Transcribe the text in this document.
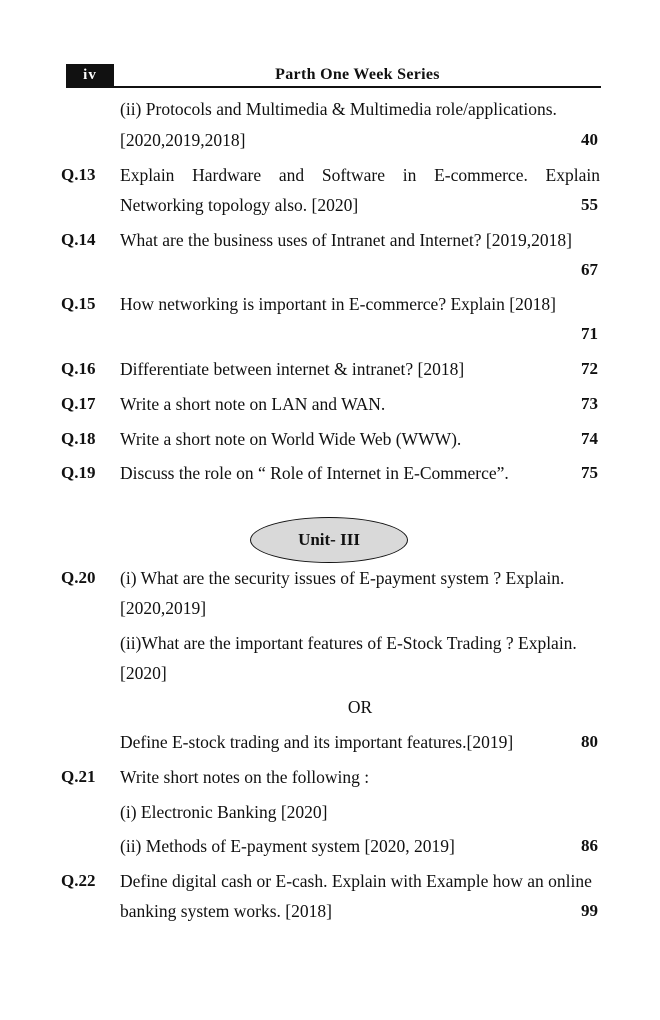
iv	Parth One Week Series
(ii) Protocols and Multimedia & Multimedia role/applications.
[2020,2019,2018]	40
Q.13 Explain Hardware and Software in E-commerce. Explain
Networking topology also. [2020]	55
Q.14 What are the business uses of Intranet and Internet? [2019,2018]
67
Q.15 How networking is important in E-commerce? Explain [2018]
71
Q.16 Differentiate between internet & intranet? [2018]	72
Q.17 Write a short note on LAN and WAN.	73
Q.18 Write a short note on World Wide Web (WWW).	74
Q.19 Discuss the role on “ Role of Internet in E-Commerce”.	75
Unit- III
Q.20 (i) What are the security issues of E-payment system ? Explain.
[2020,2019]
(ii)What are the important features of E-Stock Trading ? Explain.
[2020]
OR
Define E-stock trading and its important features.[2019]	80
Q.21 Write short notes on the following :
(i) Electronic Banking [2020]
(ii) Methods of E-payment system [2020, 2019]	86
Q.22 Define digital cash or E-cash. Explain with Example how an online
banking system works. [2018]	99
